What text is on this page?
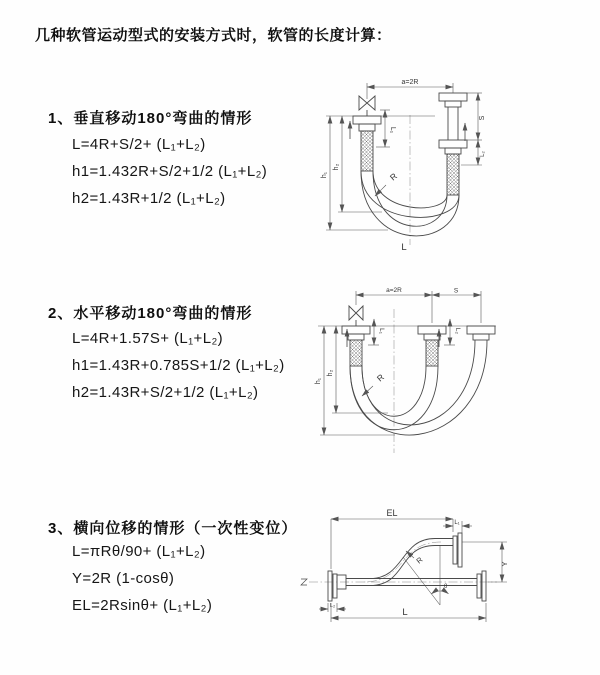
几种软管运动型式的安装方式时，软管的长度计算：
1、垂直移动180°弯曲的情形
L=4R+S/2+ (L₁+L₂)
h1=1.432R+S/2+1/2 (L₁+L₂)
h2=1.43R+1/2 (L₁+L₂)
2、水平移动180°弯曲的情形
L=4R+1.57S+ (L₁+L₂)
h1=1.43R+0.785S+1/2 (L₁+L₂)
h2=1.43R+S/2+1/2 (L₁+L₂)
3、横向位移的情形（一次性变位）
L=πRθ/90+ (L₁+L₂)
Y=2R (1-cosθ)
EL=2Rsinθ+ (L₁+L₂)
a=2R
L₁
S
L₂
h₁
h₂
R
L
a=2R	S
L₁	L₂
h₁
h₂	R
EL
L₁
Y
R
θ
L
L₂
